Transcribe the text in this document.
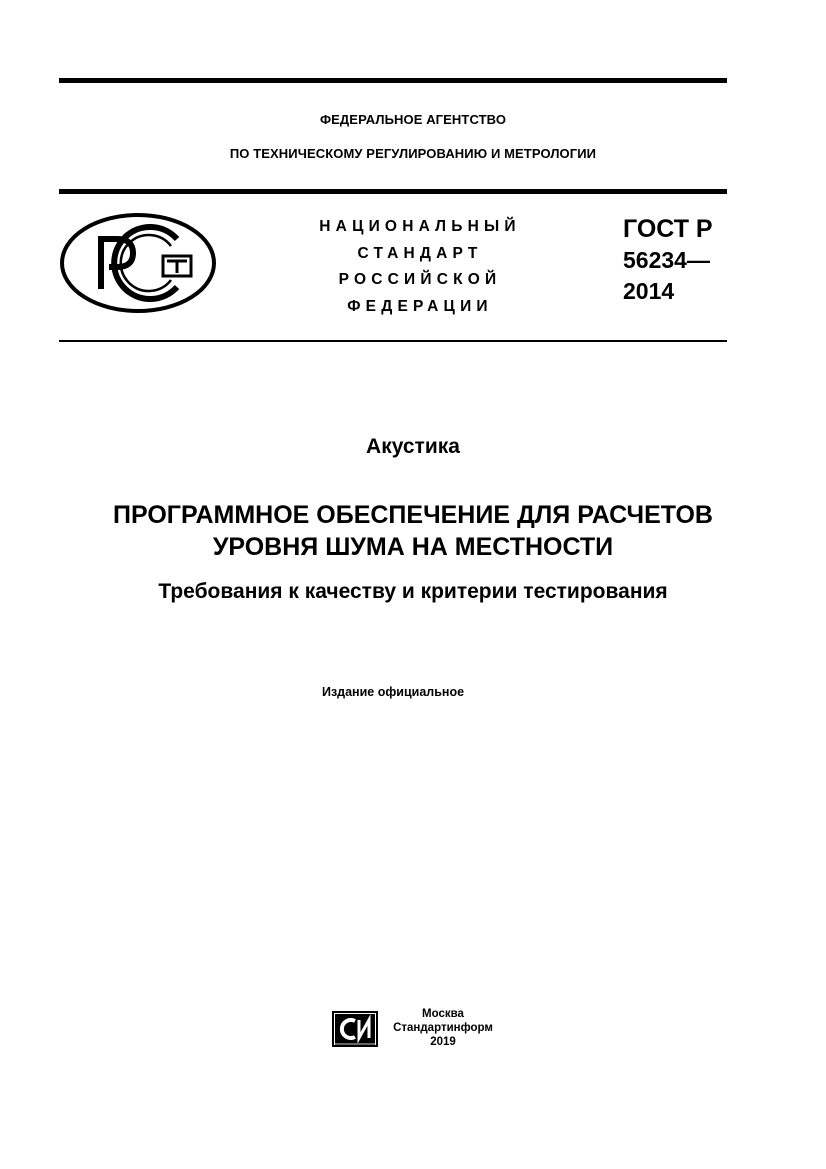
ФЕДЕРАЛЬНОЕ АГЕНТСТВО
ПО ТЕХНИЧЕСКОМУ РЕГУЛИРОВАНИЮ И МЕТРОЛОГИИ
НАЦИОНАЛЬНЫЙ
СТАНДАРТ
РОССИЙСКОЙ
ФЕДЕРАЦИИ
ГОСТ Р
56234—
2014
Акустика
ПРОГРАММНОЕ ОБЕСПЕЧЕНИЕ ДЛЯ РАСЧЕТОВ
УРОВНЯ ШУМА НА МЕСТНОСТИ
Требования к качеству и критерии тестирования
Издание официальное
Москва
Стандартинформ
2019
